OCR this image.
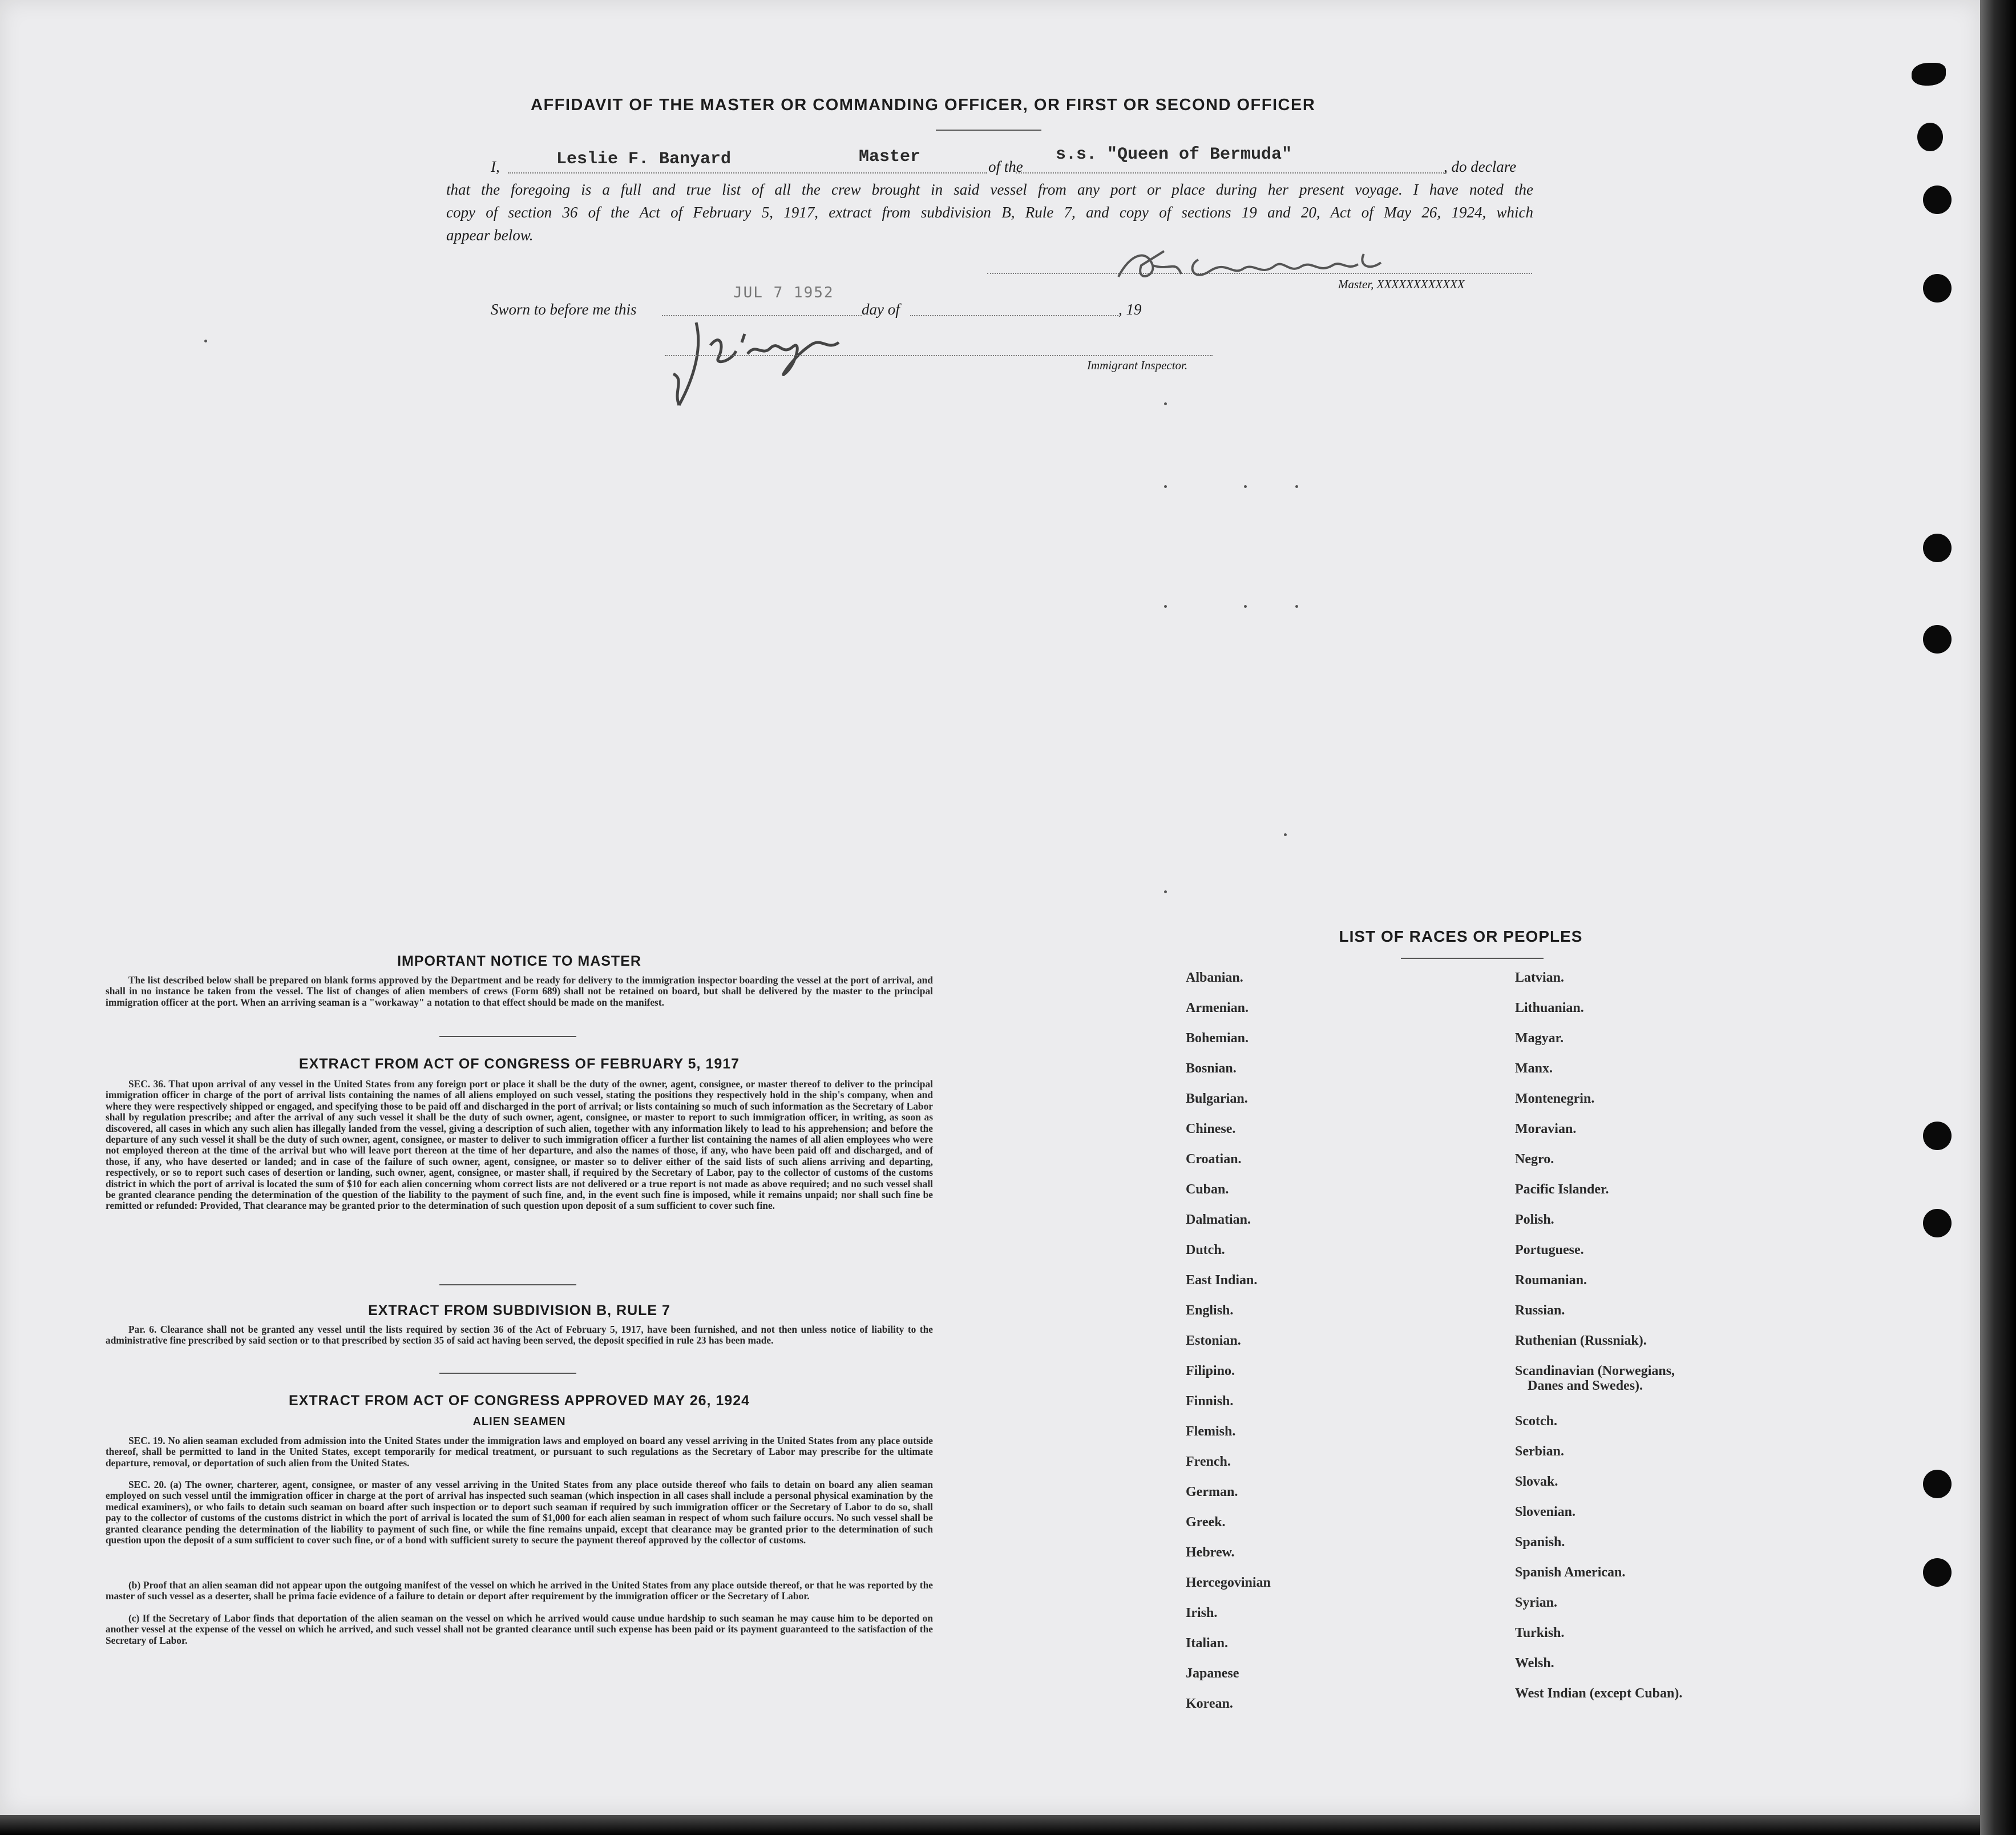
AFFIDAVIT OF THE MASTER OR COMMANDING OFFICER, OR FIRST OR SECOND OFFICER
I,	Leslie F. Banyard	Master	of the
s.s. "Queen of Bermuda"
, do declare
that the foregoing is a full and true list of all the crew brought in said vessel from any port or place during her present voyage. I have noted the
copy of section 36 of the Act of February 5, 1917, extract from subdivision B, Rule 7, and copy of sections 19 and 20, Act of May 26, 1924, which
appear below.
Master, XXXXXXXXXXXX
Sworn to before me this
JUL 7 1952
day of	, 19
Immigrant Inspector.
IMPORTANT NOTICE TO MASTER
The list described below shall be prepared on blank forms approved by the Department and be ready for delivery to the immigration inspector boarding the vessel at the port of arrival, and shall in no instance be taken from the vessel. The list of changes of alien members of crews (Form 689) shall not be retained on board, but shall be delivered by the master to the principal immigration officer at the port. When an arriving seaman is a "workaway" a notation to that effect should be made on the manifest.
EXTRACT FROM ACT OF CONGRESS OF FEBRUARY 5, 1917
SEC. 36. That upon arrival of any vessel in the United States from any foreign port or place it shall be the duty of the owner, agent, consignee, or master thereof to deliver to the principal immigration officer in charge of the port of arrival lists containing the names of all aliens employed on such vessel, stating the positions they respectively hold in the ship's company, when and where they were respectively shipped or engaged, and specifying those to be paid off and discharged in the port of arrival; or lists containing so much of such information as the Secretary of Labor shall by regulation prescribe; and after the arrival of any such vessel it shall be the duty of such owner, agent, consignee, or master to report to such immigration officer, in writing, as soon as discovered, all cases in which any such alien has illegally landed from the vessel, giving a description of such alien, together with any information likely to lead to his apprehension; and before the departure of any such vessel it shall be the duty of such owner, agent, consignee, or master to deliver to such immigration officer a further list containing the names of all alien employees who were not employed thereon at the time of the arrival but who will leave port thereon at the time of her departure, and also the names of those, if any, who have been paid off and discharged, and of those, if any, who have deserted or landed; and in case of the failure of such owner, agent, consignee, or master so to deliver either of the said lists of such aliens arriving and departing, respectively, or so to report such cases of desertion or landing, such owner, agent, consignee, or master shall, if required by the Secretary of Labor, pay to the collector of customs of the customs district in which the port of arrival is located the sum of $10 for each alien concerning whom correct lists are not delivered or a true report is not made as above required; and no such vessel shall be granted clearance pending the determination of the question of the liability to the payment of such fine, and, in the event such fine is imposed, while it remains unpaid; nor shall such fine be remitted or refunded: Provided, That clearance may be granted prior to the determination of such question upon deposit of a sum sufficient to cover such fine.
EXTRACT FROM SUBDIVISION B, RULE 7
Par. 6. Clearance shall not be granted any vessel until the lists required by section 36 of the Act of February 5, 1917, have been furnished, and not then unless notice of liability to the administrative fine prescribed by said section or to that prescribed by section 35 of said act having been served, the deposit specified in rule 23 has been made.
EXTRACT FROM ACT OF CONGRESS APPROVED MAY 26, 1924
ALIEN SEAMEN
SEC. 19. No alien seaman excluded from admission into the United States under the immigration laws and employed on board any vessel arriving in the United States from any place outside thereof, shall be permitted to land in the United States, except temporarily for medical treatment, or pursuant to such regulations as the Secretary of Labor may prescribe for the ultimate departure, removal, or deportation of such alien from the United States.
SEC. 20. (a) The owner, charterer, agent, consignee, or master of any vessel arriving in the United States from any place outside thereof who fails to detain on board any alien seaman employed on such vessel until the immigration officer in charge at the port of arrival has inspected such seaman (which inspection in all cases shall include a personal physical examination by the medical examiners), or who fails to detain such seaman on board after such inspection or to deport such seaman if required by such immigration officer or the Secretary of Labor to do so, shall pay to the collector of customs of the customs district in which the port of arrival is located the sum of $1,000 for each alien seaman in respect of whom such failure occurs. No such vessel shall be granted clearance pending the determination of the liability to payment of such fine, or while the fine remains unpaid, except that clearance may be granted prior to the determination of such question upon the deposit of a sum sufficient to cover such fine, or of a bond with sufficient surety to secure the payment thereof approved by the collector of customs.
(b) Proof that an alien seaman did not appear upon the outgoing manifest of the vessel on which he arrived in the United States from any place outside thereof, or that he was reported by the master of such vessel as a deserter, shall be prima facie evidence of a failure to detain or deport after requirement by the immigration officer or the Secretary of Labor.
(c) If the Secretary of Labor finds that deportation of the alien seaman on the vessel on which he arrived would cause undue hardship to such seaman he may cause him to be deported on another vessel at the expense of the vessel on which he arrived, and such vessel shall not be granted clearance until such expense has been paid or its payment guaranteed to the satisfaction of the Secretary of Labor.
LIST OF RACES OR PEOPLES
Albanian.
Armenian.
Bohemian.
Bosnian.
Bulgarian.
Chinese.
Croatian.
Cuban.
Dalmatian.
Dutch.
East Indian.
English.
Estonian.
Filipino.
Finnish.
Flemish.
French.
German.
Greek.
Hebrew.
Hercegovinian
Irish.
Italian.
Japanese
Korean.
Latvian.
Lithuanian.
Magyar.
Manx.
Montenegrin.
Moravian.
Negro.
Pacific Islander.
Polish.
Portuguese.
Roumanian.
Russian.
Ruthenian (Russniak).
Scandinavian (Norwegians,
Danes and Swedes).
Scotch.
Serbian.
Slovak.
Slovenian.
Spanish.
Spanish American.
Syrian.
Turkish.
Welsh.
West Indian (except Cuban).
